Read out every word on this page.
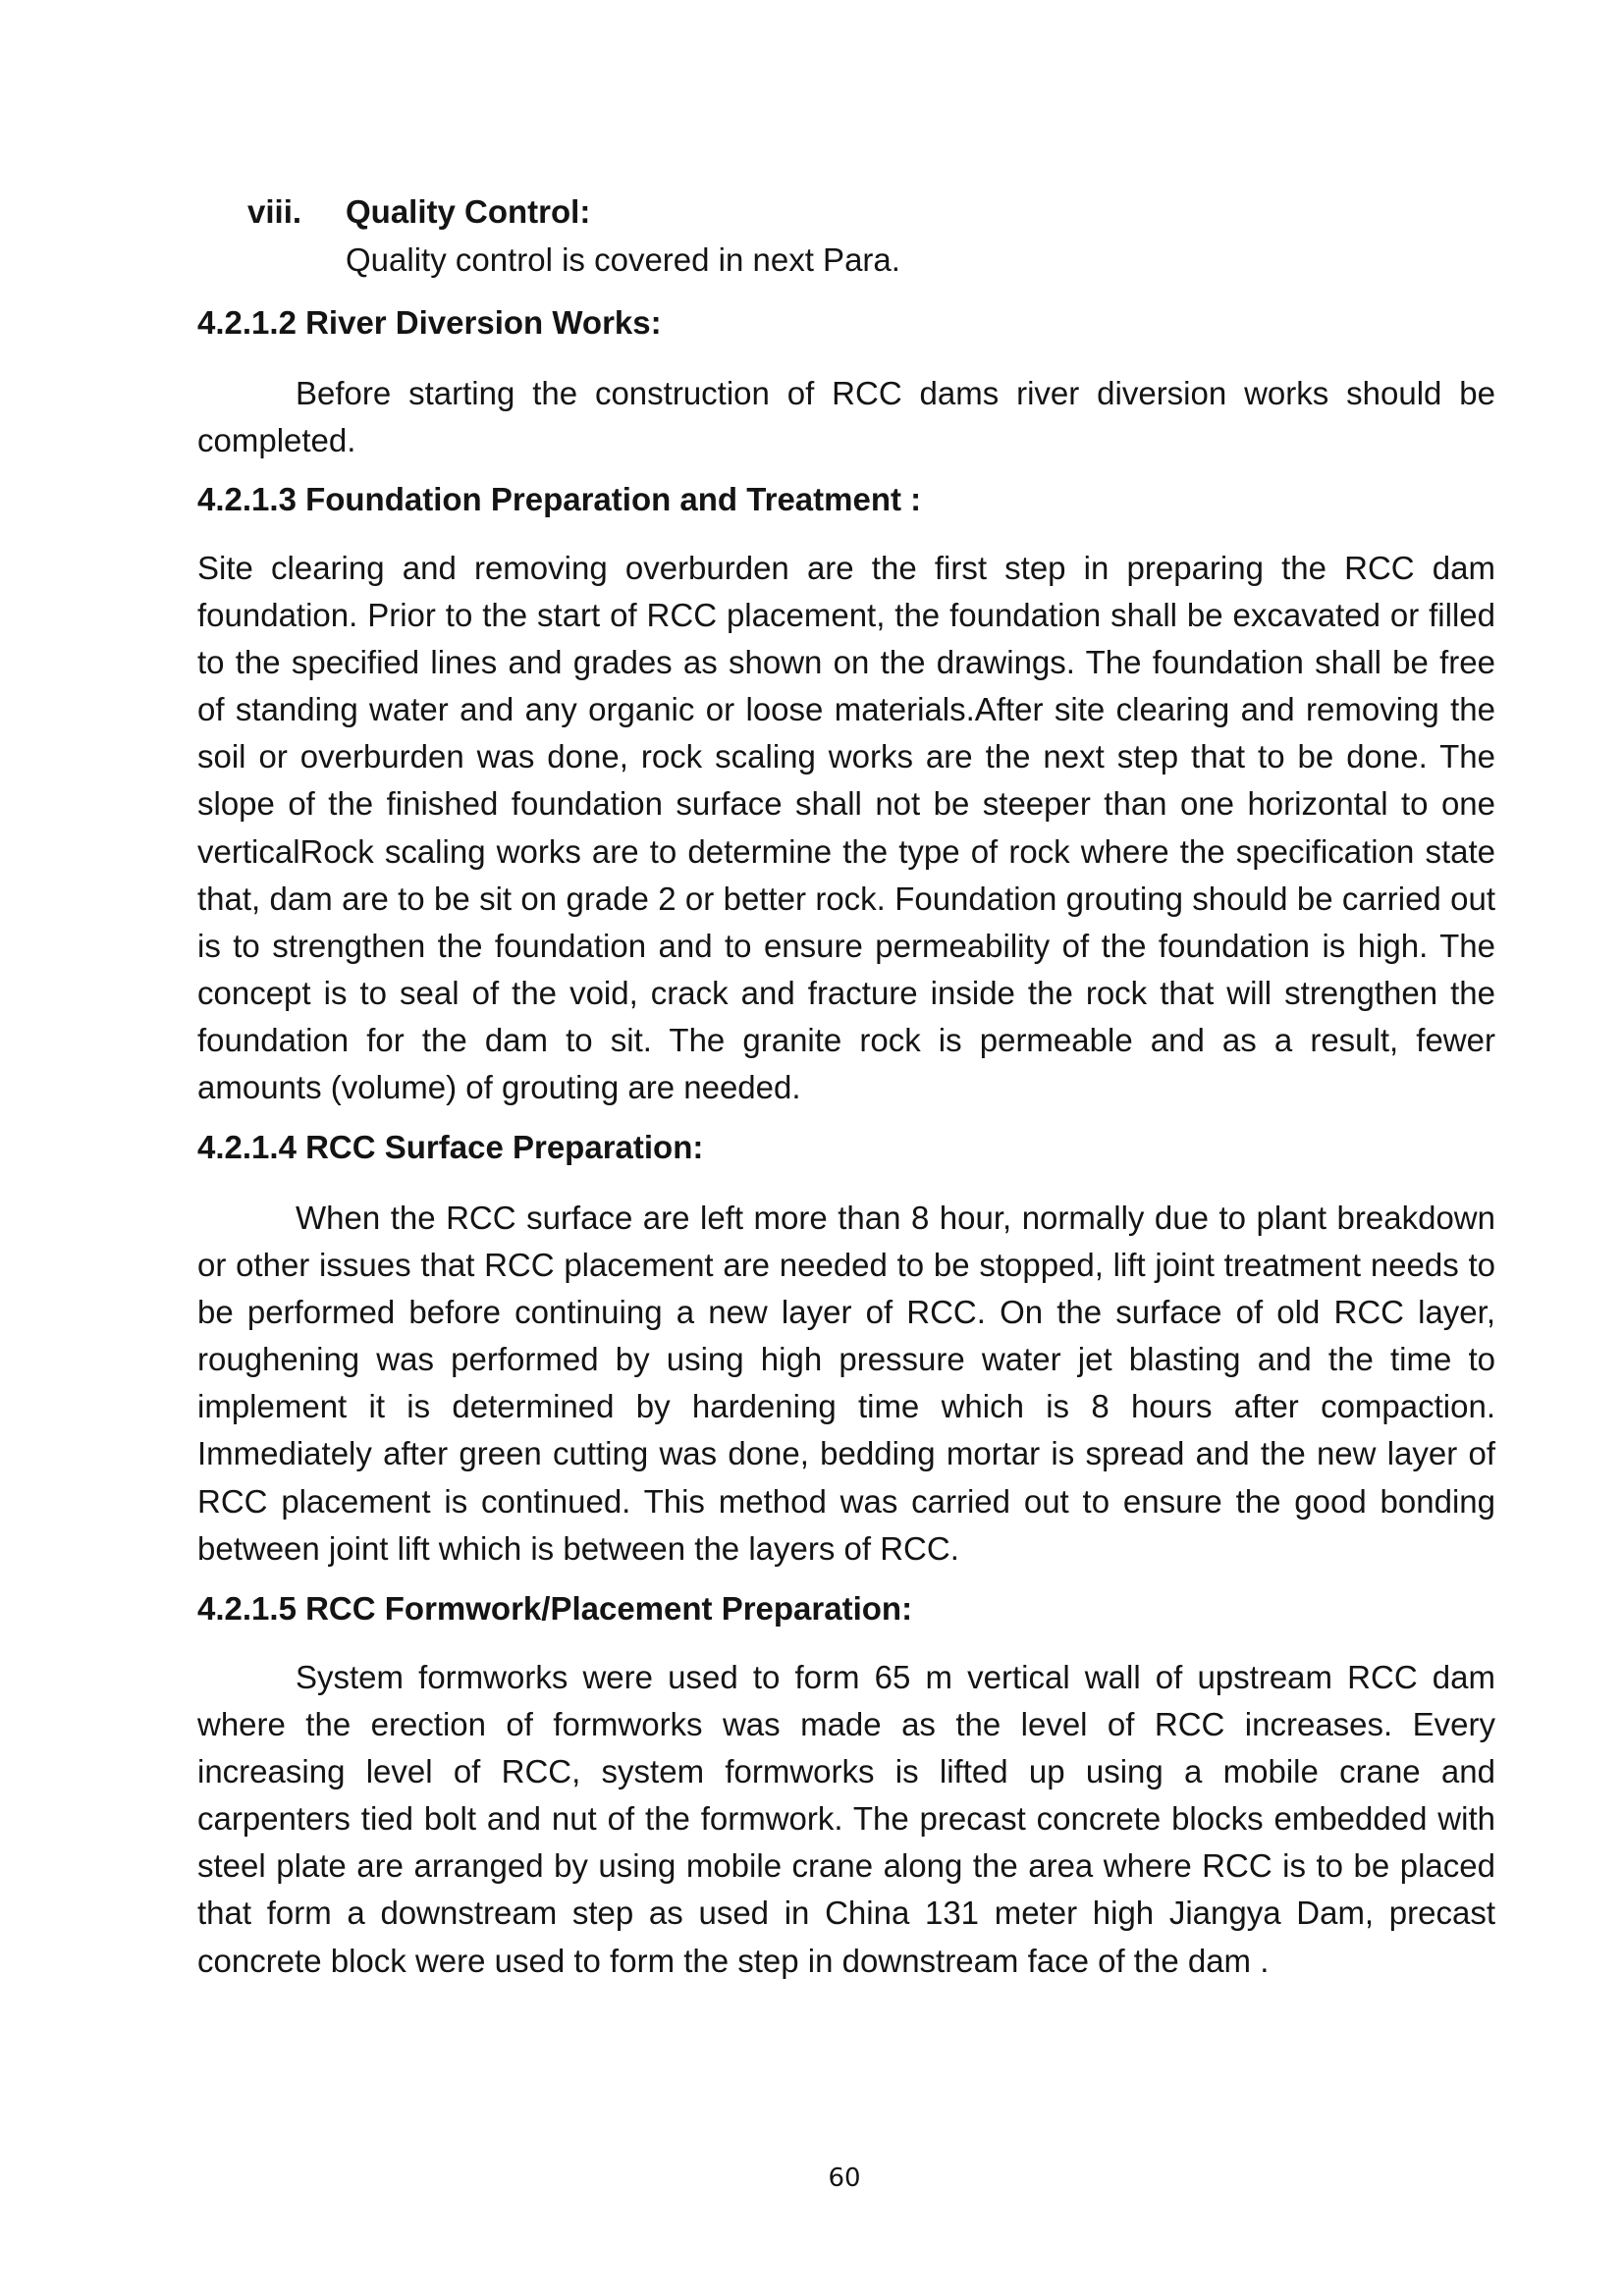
viii. Quality Control:
Quality control is covered in next Para.
4.2.1.2 River Diversion Works:

Before starting the construction of RCC dams river diversion works should be completed.

4.2.1.3 Foundation Preparation and Treatment :

Site clearing and removing overburden are the first step in preparing the RCC dam foundation. Prior to the start of RCC placement, the foundation shall be excavated or filled to the specified lines and grades as shown on the drawings. The foundation shall be free of standing water and any organic or loose materials.After site clearing and removing the soil or overburden was done, rock scaling works are the next step that to be done. The slope of the finished foundation surface shall not be steeper than one horizontal to one verticalRock scaling works are to determine the type of rock where the specification state that, dam are to be sit on grade 2 or better rock. Foundation grouting should be carried out is to strengthen the foundation and to ensure permeability of the foundation is high. The concept is to seal of the void, crack and fracture inside the rock that will strengthen the foundation for the dam to sit. The granite rock is permeable and as a result, fewer amounts (volume) of grouting are needed.

4.2.1.4 RCC Surface Preparation:

When the RCC surface are left more than 8 hour, normally due to plant breakdown or other issues that RCC placement are needed to be stopped, lift joint treatment needs to be performed before continuing a new layer of RCC. On the surface of old RCC layer, roughening was performed by using high pressure water jet blasting and the time to implement it is determined by hardening time which is 8 hours after compaction. Immediately after green cutting was done, bedding mortar is spread and the new layer of RCC placement is continued. This method was carried out to ensure the good bonding between joint lift which is between the layers of RCC.

4.2.1.5 RCC Formwork/Placement Preparation:

System formworks were used to form 65 m vertical wall of upstream RCC dam where the erection of formworks was made as the level of RCC increases. Every increasing level of RCC, system formworks is lifted up using a mobile crane and carpenters tied bolt and nut of the formwork. The precast concrete blocks embedded with steel plate are arranged by using mobile crane along the area where RCC is to be placed that form a downstream step as used in China 131 meter high Jiangya Dam, precast concrete block were used to form the step in downstream face of the dam .

60
